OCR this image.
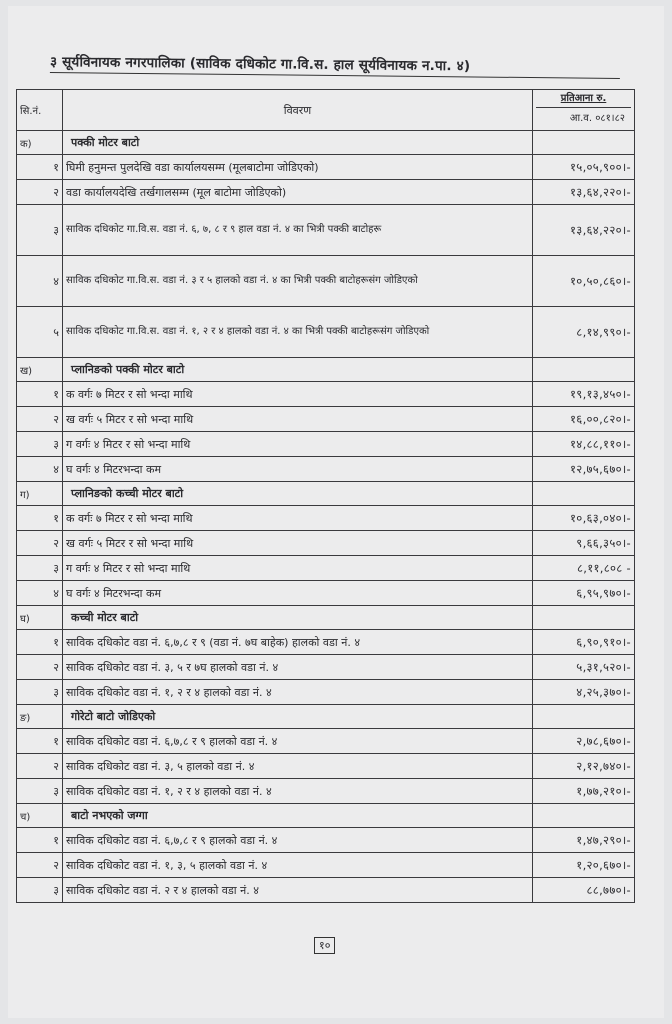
३ सूर्यविनायक नगरपालिका (साविक दधिकोट गा.वि.स. हाल सूर्यविनायक न.पा. ४)
सि.नं.	विवरण	प्रतिआना रु.
आ.व. ०८१।८२

क)	पक्की मोटर बाटो	
१	घिमी हनुमन्त पुलदेखि वडा कार्यालयसम्म (मूलबाटोमा जोडिएको)	१५,०५,९००।-
२	वडा कार्यालयदेखि तर्खगालसम्म (मूल बाटोमा जोडिएको)	१३,६४,२२०।-
३	साविक दधिकोट गा.वि.स. वडा नं. ६, ७, ८ र ९ हाल वडा नं. ४ का भित्री पक्की बाटोहरू	१३,६४,२२०।-
४	साविक दधिकोट गा.वि.स. वडा नं. ३ र ५ हालको वडा नं. ४ का भित्री पक्की बाटोहरूसंग जोडिएको	१०,५०,८६०।-
५	साविक दधिकोट गा.वि.स. वडा नं. १, २ र ४ हालको वडा नं. ४ का भित्री पक्की बाटोहरूसंग जोडिएको	८,१४,९९०।-
ख)	प्लानिङको पक्की मोटर बाटो	
१	क वर्गः ७ मिटर र सो भन्दा माथि	१९,१३,४५०।-
२	ख वर्गः ५ मिटर र सो भन्दा माथि	१६,००,८२०।-
३	ग वर्गः ४ मिटर र सो भन्दा माथि	१४,८८,११०।-
४	घ वर्गः ४ मिटरभन्दा कम	१२,७५,६७०।-
ग)	प्लानिङको कच्ची मोटर बाटो	
१	क वर्गः ७ मिटर र सो भन्दा माथि	१०,६३,०४०।-
२	ख वर्गः ५ मिटर र सो भन्दा माथि	९,६६,३५०।-
३	ग वर्गः ४ मिटर र सो भन्दा माथि	८,११,८०८ -
४	घ वर्गः ४ मिटरभन्दा कम	६,९५,९७०।-
घ)	कच्ची मोटर बाटो	
१	साविक दधिकोट वडा नं. ६,७,८ र ९ (वडा नं. ७घ बाहेक) हालको वडा नं. ४	६,९०,९१०।-
२	साविक दधिकोट वडा नं. ३, ५ र ७घ हालको वडा नं. ४	५,३१,५२०।-
३	साविक दधिकोट वडा नं. १, २ र ४ हालको वडा नं. ४	४,२५,३७०।-
ङ)	गोरेटो बाटो जोडिएको	
१	साविक दधिकोट वडा नं. ६,७,८ र ९ हालको वडा नं. ४	२,७८,६७०।-
२	साविक दधिकोट वडा नं. ३, ५ हालको वडा नं. ४	२,१२,७४०।-
३	साविक दधिकोट वडा नं. १, २ र ४ हालको वडा नं. ४	१,७७,२१०।-
च)	बाटो नभएको जग्गा	
१	साविक दधिकोट वडा नं. ६,७,८ र ९ हालको वडा नं. ४	१,४७,२९०।-
२	साविक दधिकोट वडा नं. १, ३, ५ हालको वडा नं. ४	१,२०,६७०।-
३	साविक दधिकोट वडा नं. २ र ४ हालको वडा नं. ४	८८,७७०।-
१०
